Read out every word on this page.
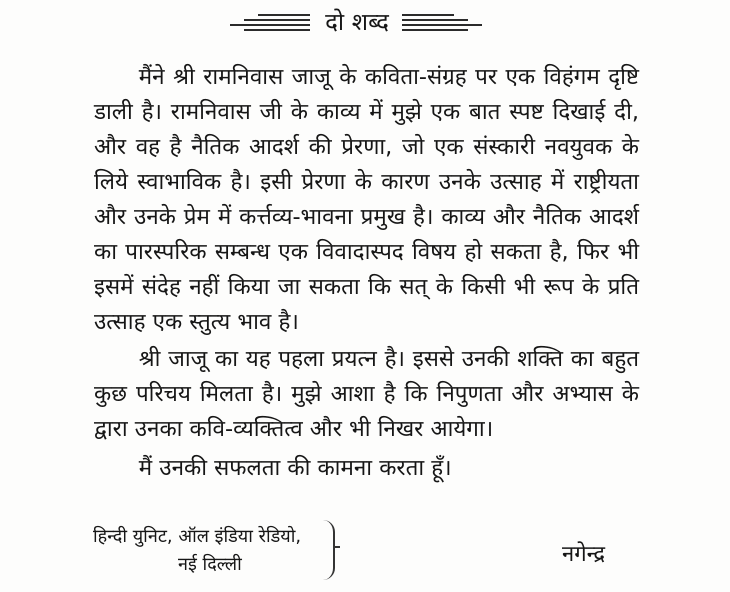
दो शब्द

मैंने श्री रामनिवास जाजू के कविता-संग्रह पर एक विहंगम दृष्टि डाली है। रामनिवास जी के काव्य में मुझे एक बात स्पष्ट दिखाई दी, और वह है नैतिक आदर्श की प्रेरणा, जो एक संस्कारी नवयुवक के लिये स्वाभाविक है। इसी प्रेरणा के कारण उनके उत्साह में राष्ट्रीयता और उनके प्रेम में कर्त्तव्य-भावना प्रमुख है। काव्य और नैतिक आदर्श का पारस्परिक सम्बन्ध एक विवादास्पद विषय हो सकता है, फिर भी इसमें संदेह नहीं किया जा सकता कि सत् के किसी भी रूप के प्रति उत्साह एक स्तुत्य भाव है।

श्री जाजू का यह पहला प्रयत्न है। इससे उनकी शक्ति का बहुत कुछ परिचय मिलता है। मुझे आशा है कि निपुणता और अभ्यास के द्वारा उनका कवि-व्यक्तित्व और भी निखर आयेगा।

मैं उनकी सफलता की कामना करता हूँ।

हिन्दी युनिट, ऑल इंडिया रेडियो,
नई दिल्ली	नगेन्द्र
